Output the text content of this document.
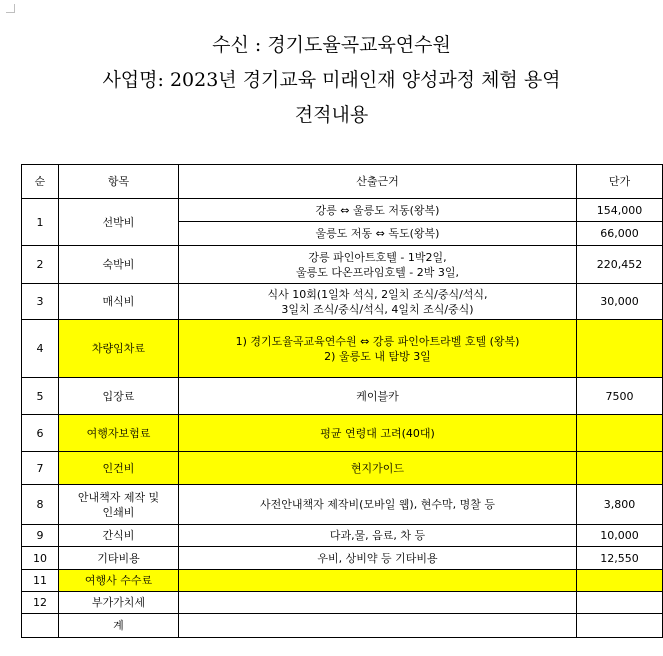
수신 : 경기도율곡교육연수원
사업명: 2023년 경기교육 미래인재 양성과정 체험 용역
견적내용
순	항목	산출근거	단가
1	선박비	강릉 ⇔ 울릉도 저동(왕복)	154,000
		울릉도 저동 ⇔ 독도(왕복)	66,000
2	숙박비	강릉 파인아트호텔 - 1박2일,
울릉도 다온프라임호텔 - 2박 3일,	220,452
3	매식비	식사 10회(1일차 석식, 2일치 조식/중식/석식,
3일치 조식/중식/석식, 4일치 조식/중식)	30,000
4	차량임차료	1) 경기도율곡교육연수원 ⇔ 강릉 파인아트라벨 호텔 (왕복)
2) 울릉도 내 탐방 3일	

5	입장료	케이블카	7500
6	여행자보험료	평균 연령대 고려(40대)	
7	인건비	현지가이드	
8	안내책자 제작 및
인쇄비	사전안내책자 제작비(모바일 웹), 현수막, 명찰 등	3,800
9	간식비	다과,물, 음료, 차 등	10,000
10	기타비용	우비, 상비약 등 기타비용	12,550
11	여행사 수수료		
12	부가가치세		
	계		
